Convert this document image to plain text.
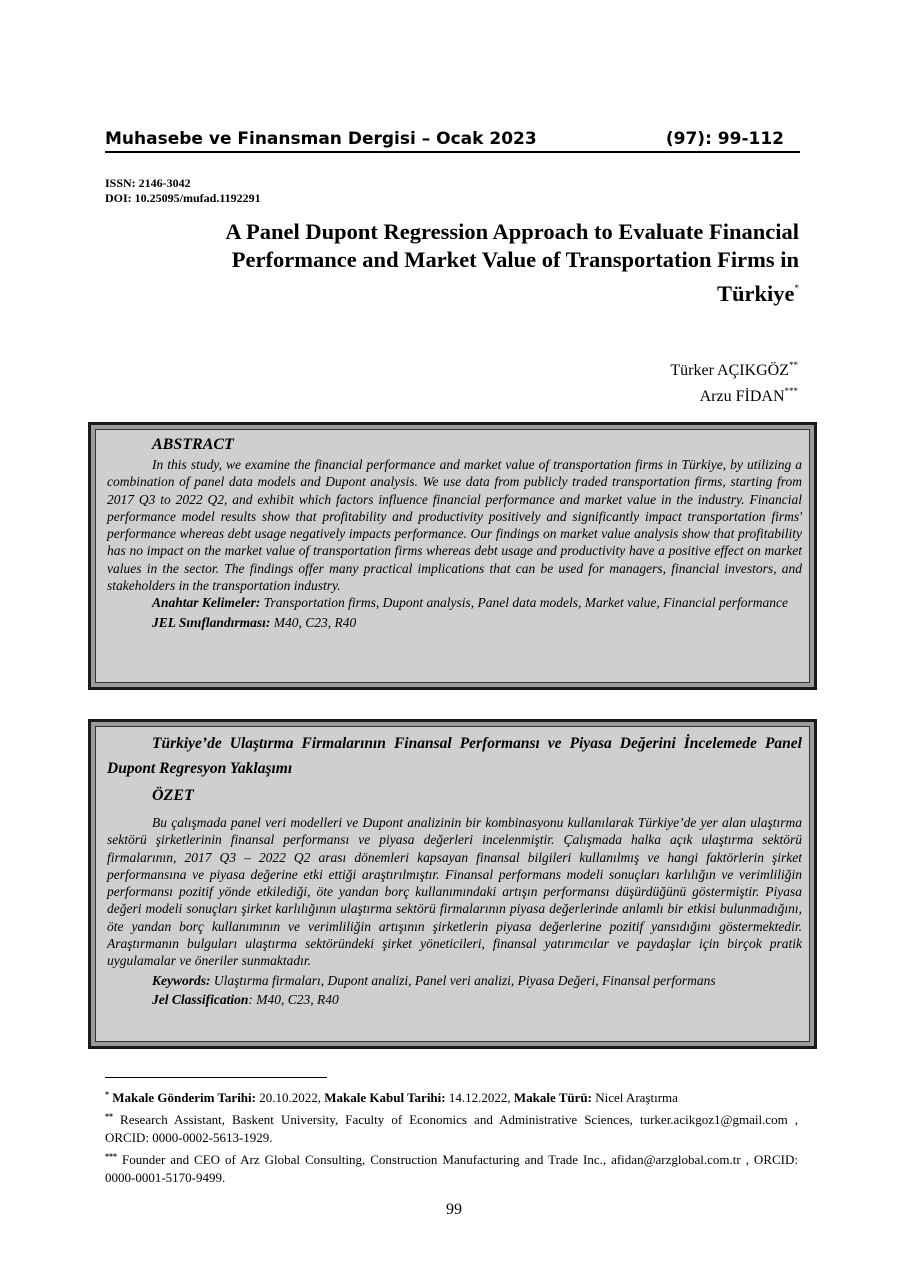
Muhasebe ve Finansman Dergisi – Ocak 2023	(97): 99-112
ISSN: 2146-3042
DOI: 10.25095/mufad.1192291
A Panel Dupont Regression Approach to Evaluate Financial
Performance and Market Value of Transportation Firms in
Türkiye*
Türker AÇIKGÖZ**
Arzu FİDAN***
ABSTRACT

In this study, we examine the financial performance and market value of transportation firms in Türkiye, by utilizing a combination of panel data models and Dupont analysis. We use data from publicly traded transportation firms, starting from 2017 Q3 to 2022 Q2, and exhibit which factors influence financial performance and market value in the industry. Financial performance model results show that profitability and productivity positively and significantly impact transportation firms' performance whereas debt usage negatively impacts performance. Our findings on market value analysis show that profitability has no impact on the market value of transportation firms whereas debt usage and productivity have a positive effect on market values in the sector. The findings offer many practical implications that can be used for managers, financial investors, and stakeholders in the transportation industry.

Anahtar Kelimeler: Transportation firms, Dupont analysis, Panel data models, Market value, Financial performance

JEL Sınıflandırması: M40, C23, R40

Türkiye’de Ulaştırma Firmalarının Finansal Performansı ve Piyasa Değerini İncelemede Panel Dupont Regresyon Yaklaşımı

ÖZET

Bu çalışmada panel veri modelleri ve Dupont analizinin bir kombinasyonu kullanılarak Türkiye’de yer alan ulaştırma sektörü şirketlerinin finansal performansı ve piyasa değerleri incelenmiştir. Çalışmada halka açık ulaştırma sektörü firmalarının, 2017 Q3 – 2022 Q2 arası dönemleri kapsayan finansal bilgileri kullanılmış ve hangi faktörlerin şirket performansına ve piyasa değerine etki ettiği araştırılmıştır. Finansal performans modeli sonuçları karlılığın ve verimliliğin performansı pozitif yönde etkilediği, öte yandan borç kullanımındaki artışın performansı düşürdüğünü göstermiştir. Piyasa değeri modeli sonuçları şirket karlılığının ulaştırma sektörü firmalarının piyasa değerlerinde anlamlı bir etkisi bulunmadığını, öte yandan borç kullanımının ve verimliliğin artışının şirketlerin piyasa değerlerine pozitif yansıdığını göstermektedir. Araştırmanın bulguları ulaştırma sektöründeki şirket yöneticileri, finansal yatırımcılar ve paydaşlar için birçok pratik uygulamalar ve öneriler sunmaktadır.

Keywords: Ulaştırma firmaları, Dupont analizi, Panel veri analizi, Piyasa Değeri, Finansal performans

Jel Classification: M40, C23, R40

* Makale Gönderim Tarihi: 20.10.2022, Makale Kabul Tarihi: 14.12.2022, Makale Türü: Nicel Araştırma

** Research Assistant, Baskent University, Faculty of Economics and Administrative Sciences, turker.acikgoz1@gmail.com , ORCID: 0000-0002-5613-1929.

*** Founder and CEO of Arz Global Consulting, Construction Manufacturing and Trade Inc., afidan@arzglobal.com.tr , ORCID: 0000-0001-5170-9499.

99
